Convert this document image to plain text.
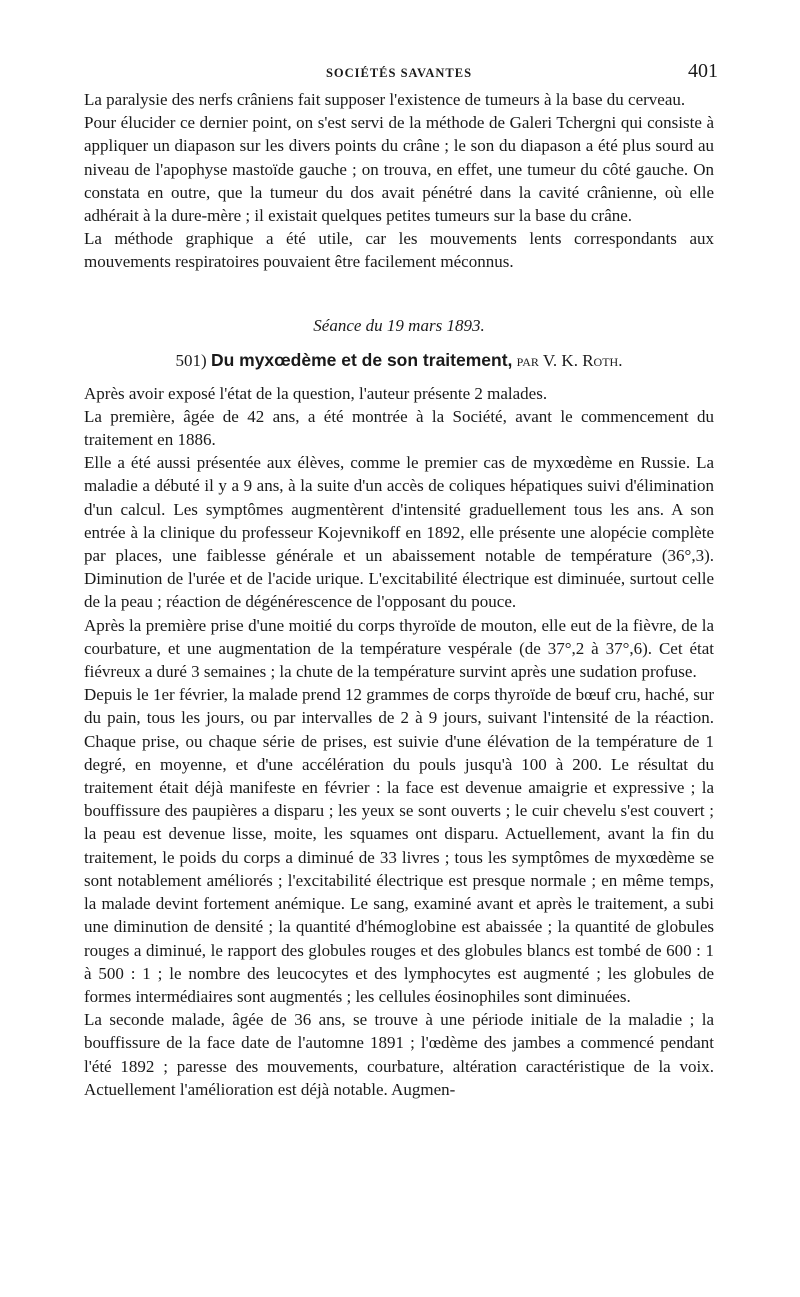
SOCIÉTÉS SAVANTES	401

La paralysie des nerfs crâniens fait supposer l'existence de tumeurs à la base du cerveau.

Pour élucider ce dernier point, on s'est servi de la méthode de Galeri Tchergni qui consiste à appliquer un diapason sur les divers points du crâne ; le son du diapason a été plus sourd au niveau de l'apophyse mastoïde gauche ; on trouva, en effet, une tumeur du côté gauche. On constata en outre, que la tumeur du dos avait pénétré dans la cavité crânienne, où elle adhérait à la dure-mère ; il existait quelques petites tumeurs sur la base du crâne.

La méthode graphique a été utile, car les mouvements lents correspondants aux mouvements respiratoires pouvaient être facilement méconnus.

Séance du 19 mars 1893.
501) Du myxœdème et de son traitement, par V. K. Roth.

Après avoir exposé l'état de la question, l'auteur présente 2 malades.

La première, âgée de 42 ans, a été montrée à la Société, avant le commencement du traitement en 1886.

Elle a été aussi présentée aux élèves, comme le premier cas de myxœdème en Russie. La maladie a débuté il y a 9 ans, à la suite d'un accès de coliques hépatiques suivi d'élimination d'un calcul. Les symptômes augmentèrent d'intensité graduellement tous les ans. A son entrée à la clinique du professeur Kojevnikoff en 1892, elle présente une alopécie complète par places, une faiblesse générale et un abaissement notable de température (36°,3). Diminution de l'urée et de l'acide urique. L'excitabilité électrique est diminuée, surtout celle de la peau ; réaction de dégénérescence de l'opposant du pouce.

Après la première prise d'une moitié du corps thyroïde de mouton, elle eut de la fièvre, de la courbature, et une augmentation de la température vespérale (de 37°,2 à 37°,6). Cet état fiévreux a duré 3 semaines ; la chute de la température survint après une sudation profuse.

Depuis le 1er février, la malade prend 12 grammes de corps thyroïde de bœuf cru, haché, sur du pain, tous les jours, ou par intervalles de 2 à 9 jours, suivant l'intensité de la réaction. Chaque prise, ou chaque série de prises, est suivie d'une élévation de la température de 1 degré, en moyenne, et d'une accélération du pouls jusqu'à 100 à 200. Le résultat du traitement était déjà manifeste en février : la face est devenue amaigrie et expressive ; la bouffissure des paupières a disparu ; les yeux se sont ouverts ; le cuir chevelu s'est couvert ; la peau est devenue lisse, moite, les squames ont disparu. Actuellement, avant la fin du traitement, le poids du corps a diminué de 33 livres ; tous les symptômes de myxœdème se sont notablement améliorés ; l'excitabilité électrique est presque normale ; en même temps, la malade devint fortement anémique. Le sang, examiné avant et après le traitement, a subi une diminution de densité ; la quantité d'hémoglobine est abaissée ; la quantité de globules rouges a diminué, le rapport des globules rouges et des globules blancs est tombé de 600 : 1 à 500 : 1 ; le nombre des leucocytes et des lymphocytes est augmenté ; les globules de formes intermédiaires sont augmentés ; les cellules éosinophiles sont diminuées.

La seconde malade, âgée de 36 ans, se trouve à une période initiale de la maladie ; la bouffissure de la face date de l'automne 1891 ; l'œdème des jambes a commencé pendant l'été 1892 ; paresse des mouvements, courbature, altération caractéristique de la voix. Actuellement l'amélioration est déjà notable. Augmen-
